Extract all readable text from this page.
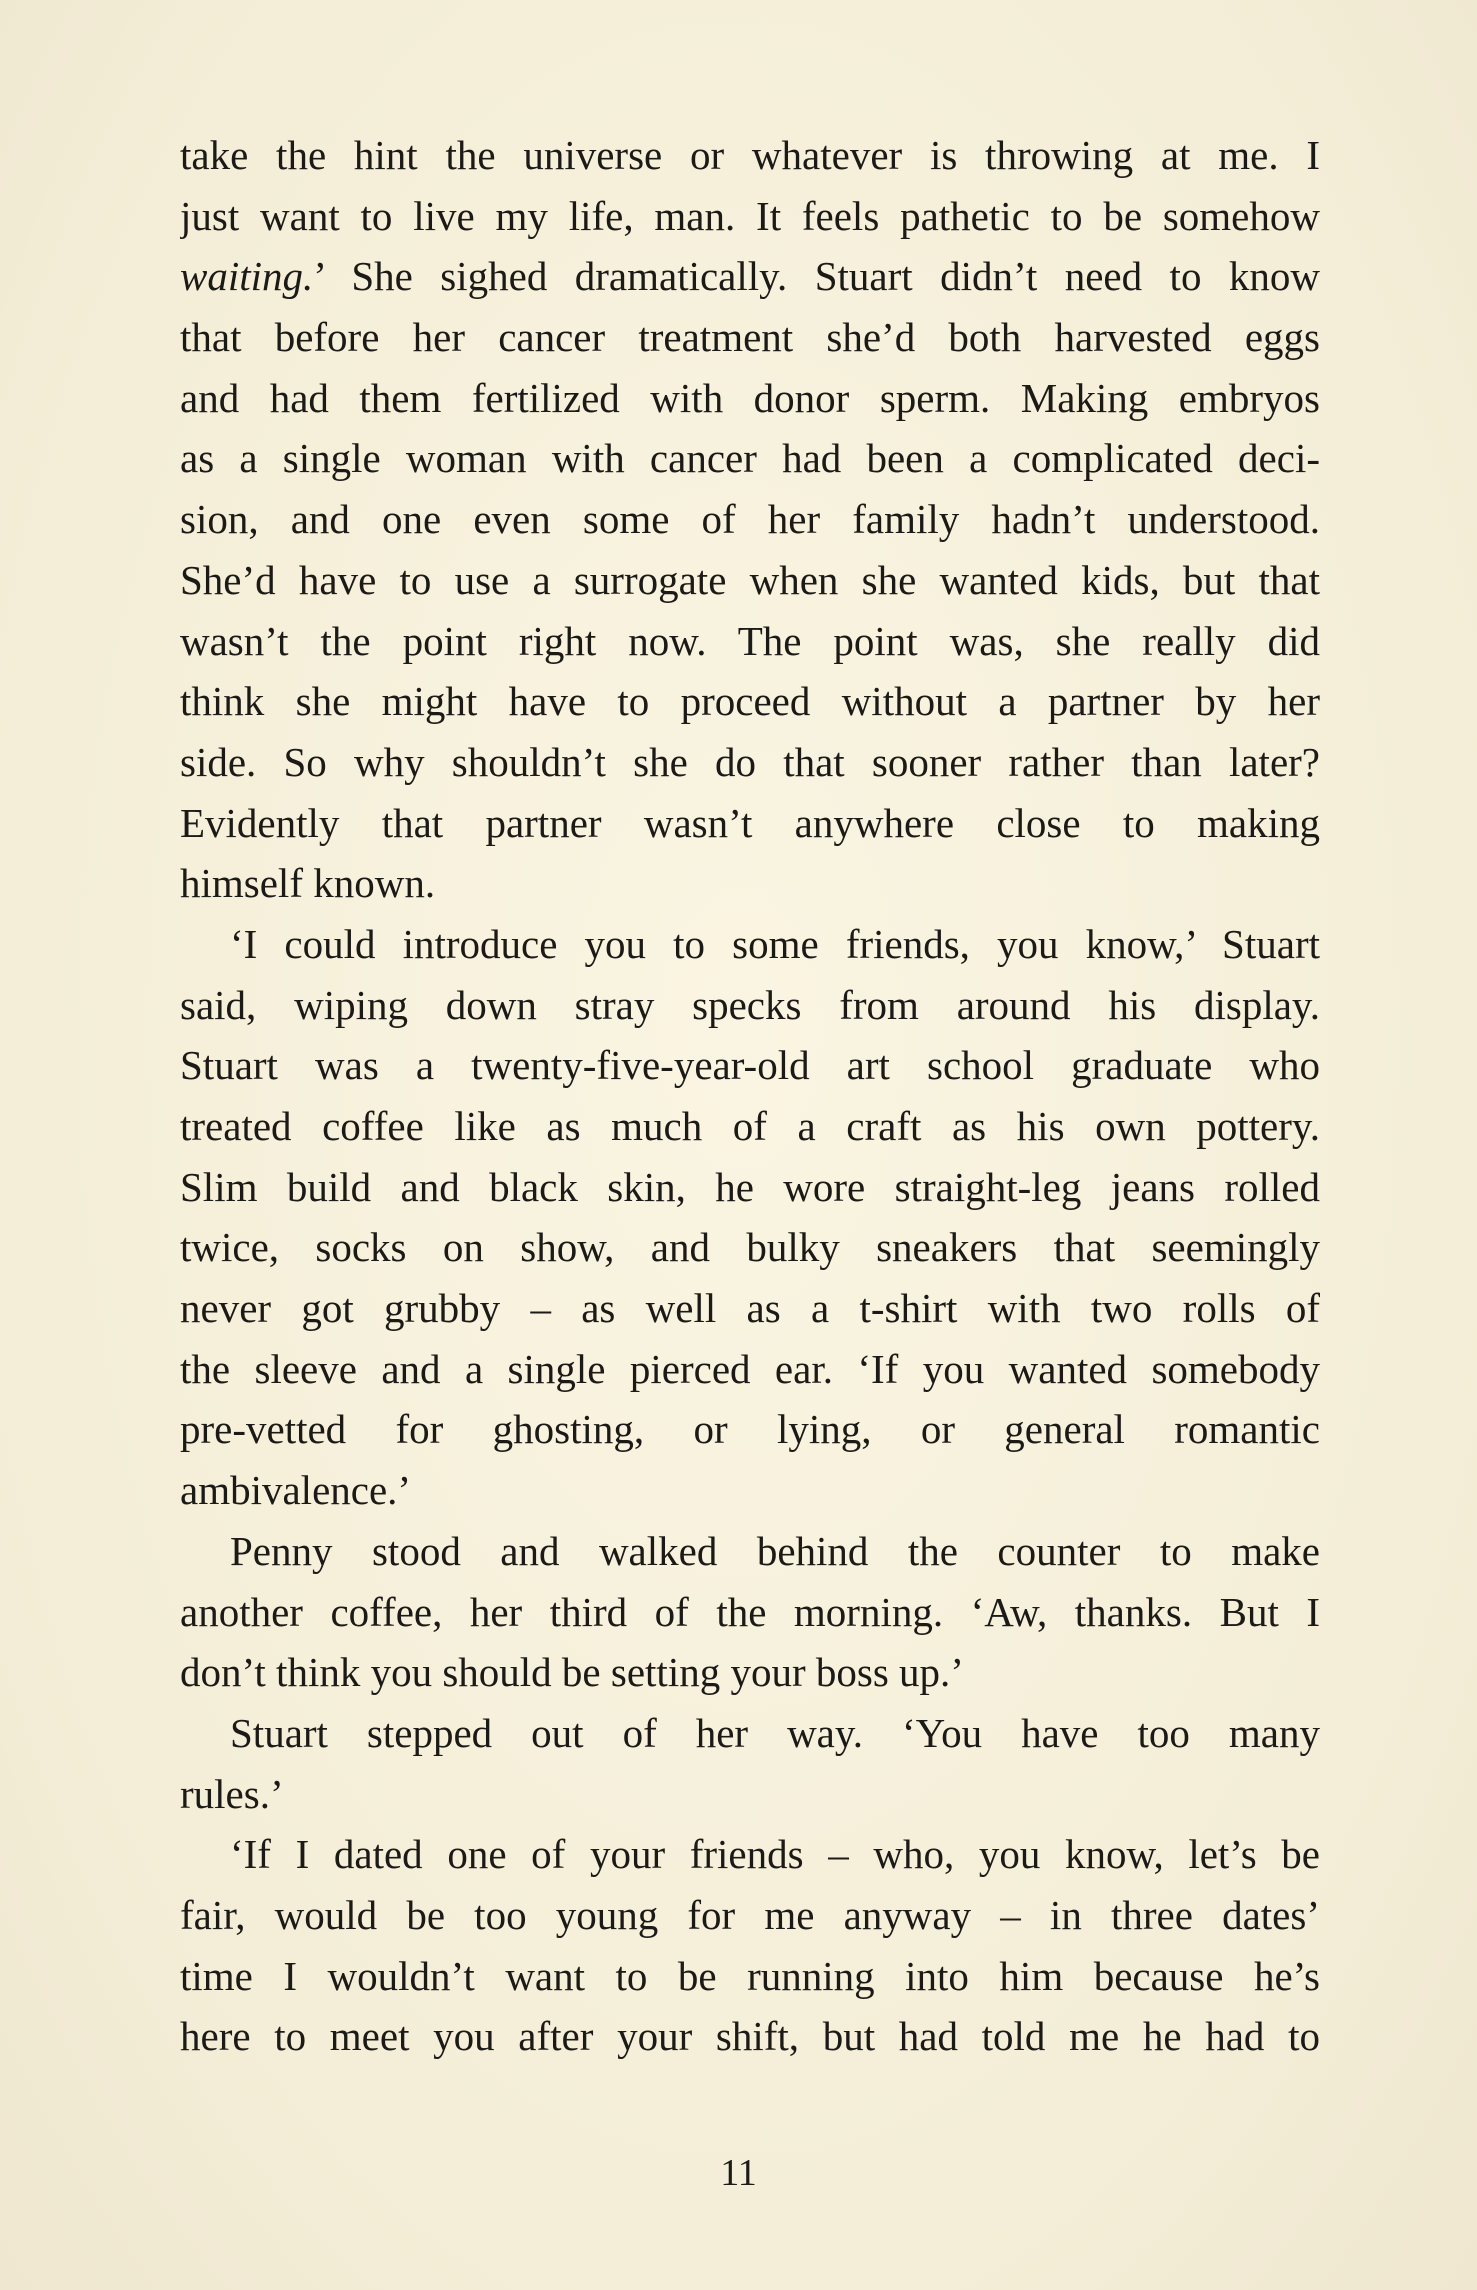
take the hint the universe or whatever is throwing at me. I
just want to live my life, man. It feels pathetic to be somehow
waiting.’ She sighed dramatically. Stuart didn’t need to know
that before her cancer treatment she’d both harvested eggs
and had them fertilized with donor sperm. Making embryos
as a single woman with cancer had been a complicated deci-
sion, and one even some of her family hadn’t understood.
She’d have to use a surrogate when she wanted kids, but that
wasn’t the point right now. The point was, she really did
think she might have to proceed without a partner by her
side. So why shouldn’t she do that sooner rather than later?
Evidently that partner wasn’t anywhere close to making
himself known.
‘I could introduce you to some friends, you know,’ Stuart
said, wiping down stray specks from around his display.
Stuart was a twenty-five-year-old art school graduate who
treated coffee like as much of a craft as his own pottery.
Slim build and black skin, he wore straight-leg jeans rolled
twice, socks on show, and bulky sneakers that seemingly
never got grubby – as well as a t-shirt with two rolls of
the sleeve and a single pierced ear. ‘If you wanted somebody
pre-vetted for ghosting, or lying, or general romantic
ambivalence.’
Penny stood and walked behind the counter to make
another coffee, her third of the morning. ‘Aw, thanks. But I
don’t think you should be setting your boss up.’
Stuart stepped out of her way. ‘You have too many
rules.’
‘If I dated one of your friends – who, you know, let’s be
fair, would be too young for me anyway – in three dates’
time I wouldn’t want to be running into him because he’s
here to meet you after your shift, but had told me he had to
11
